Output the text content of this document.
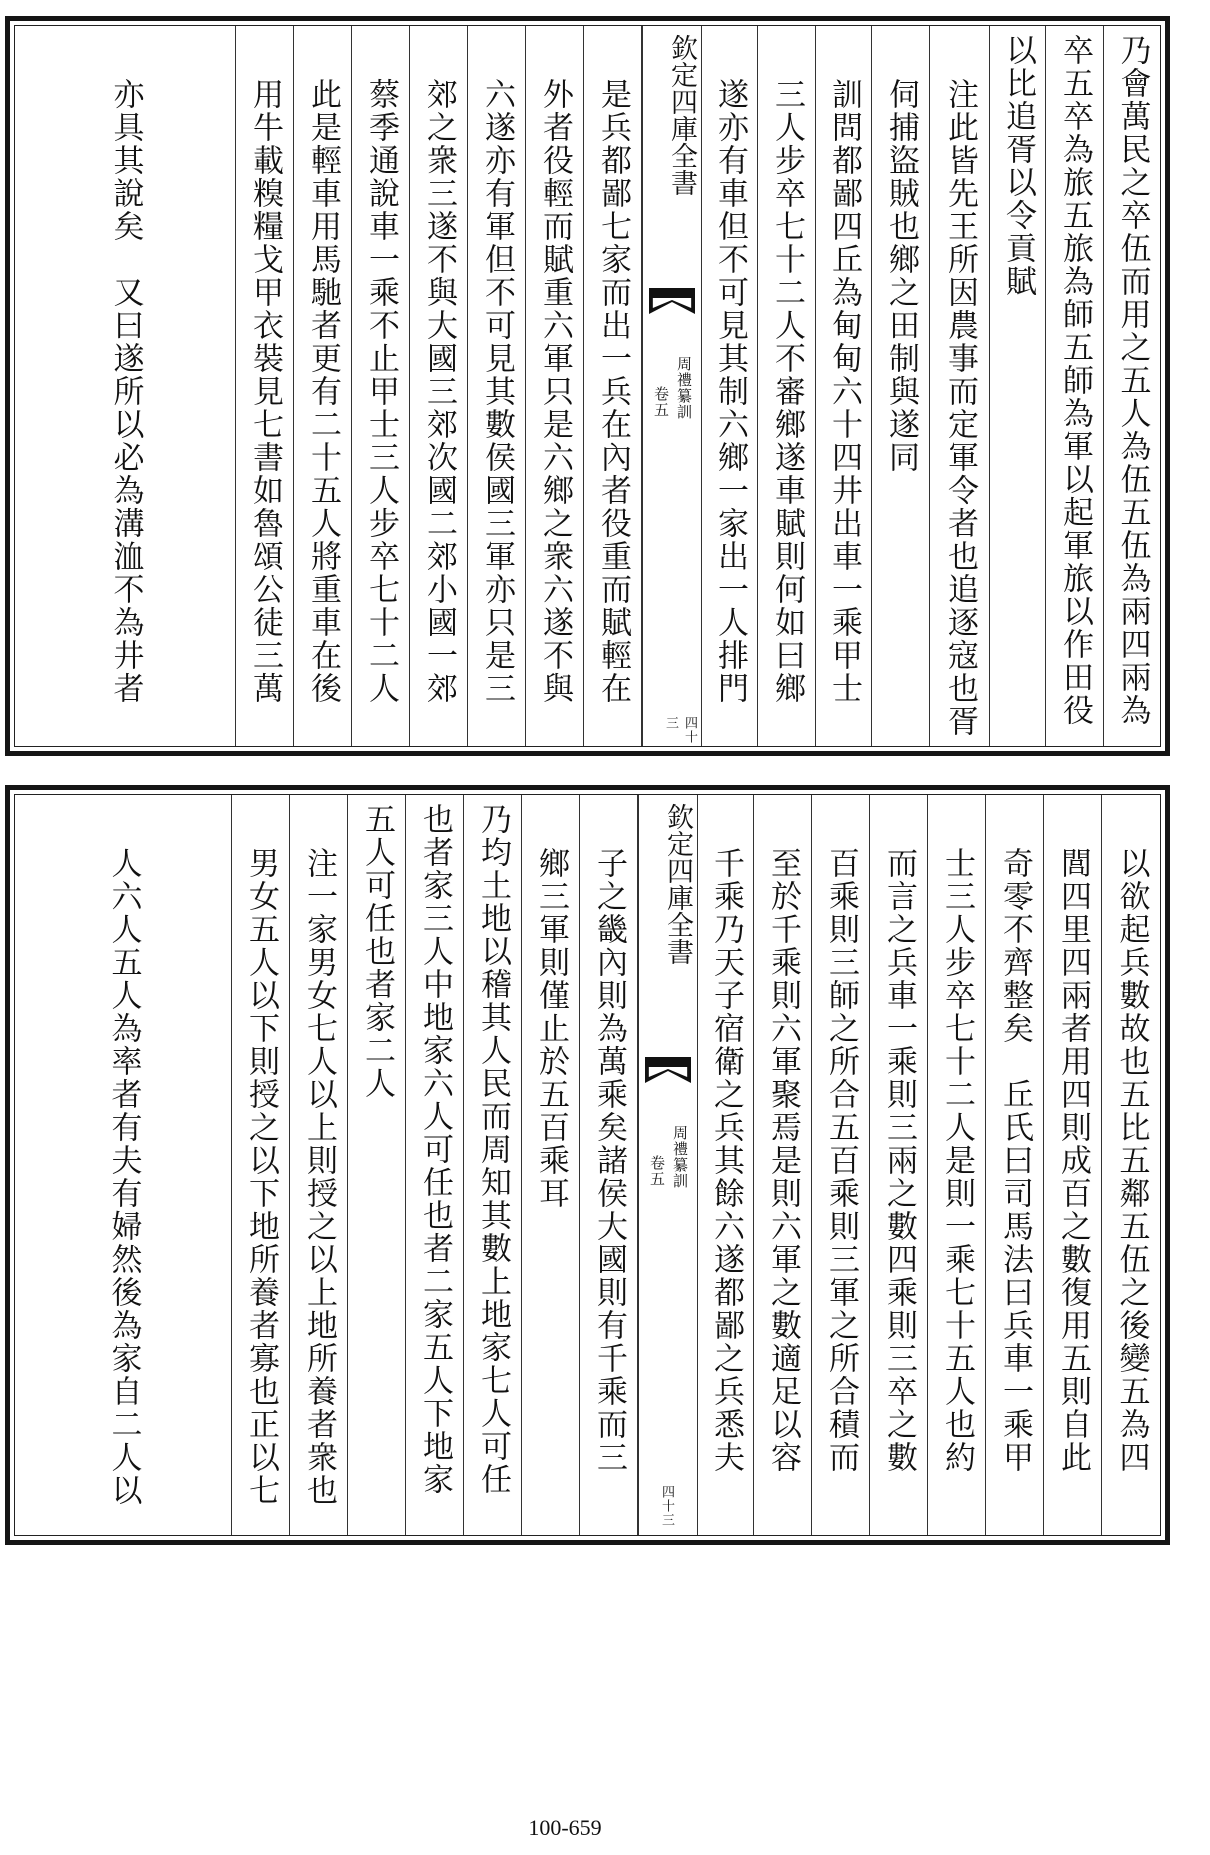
乃會萬民之卒伍而用之五人為伍五伍為兩四兩為
卒五卒為旅五旅為師五師為軍以起軍旅以作田役
以比追胥以令貢賦
注此皆先王所因農事而定軍令者也追逐寇也胥
伺捕盜賊也鄉之田制與遂同
訓問都鄙四丘為甸甸六十四井出車一乘甲士
三人步卒七十二人不審鄉遂車賦則何如曰鄉
遂亦有車但不可見其制六鄉一家出一人排門
欽定四庫全書
周禮纂訓
卷五
四十三
是兵都鄙七家而出一兵在內者役重而賦輕在
外者役輕而賦重六軍只是六鄉之衆六遂不與
六遂亦有軍但不可見其數侯國三軍亦只是三
郊之衆三遂不與大國三郊次國二郊小國一郊
蔡季通說車一乘不止甲士三人步卒七十二人
此是輕車用馬馳者更有二十五人將重車在後
用牛載糗糧戈甲衣裝見七書如魯頌公徒三萬
亦具其說矣　又曰遂所以必為溝洫不為井者
以欲起兵數故也五比五鄰五伍之後變五為四
閭四里四兩者用四則成百之數復用五則自此
奇零不齊整矣　丘氏曰司馬法曰兵車一乘甲
士三人步卒七十二人是則一乘七十五人也約
而言之兵車一乘則三兩之數四乘則三卒之數
百乘則三師之所合五百乘則三軍之所合積而
至於千乘則六軍聚焉是則六軍之數適足以容
千乘乃天子宿衛之兵其餘六遂都鄙之兵悉夫
欽定四庫全書
周禮纂訓
卷五
四十三
子之畿內則為萬乘矣諸侯大國則有千乘而三
鄉三軍則僅止於五百乘耳
乃均土地以稽其人民而周知其數上地家七人可任
也者家三人中地家六人可任也者二家五人下地家
五人可任也者家二人
注一家男女七人以上則授之以上地所養者衆也
男女五人以下則授之以下地所養者寡也正以七
人六人五人為率者有夫有婦然後為家自二人以
100-659
